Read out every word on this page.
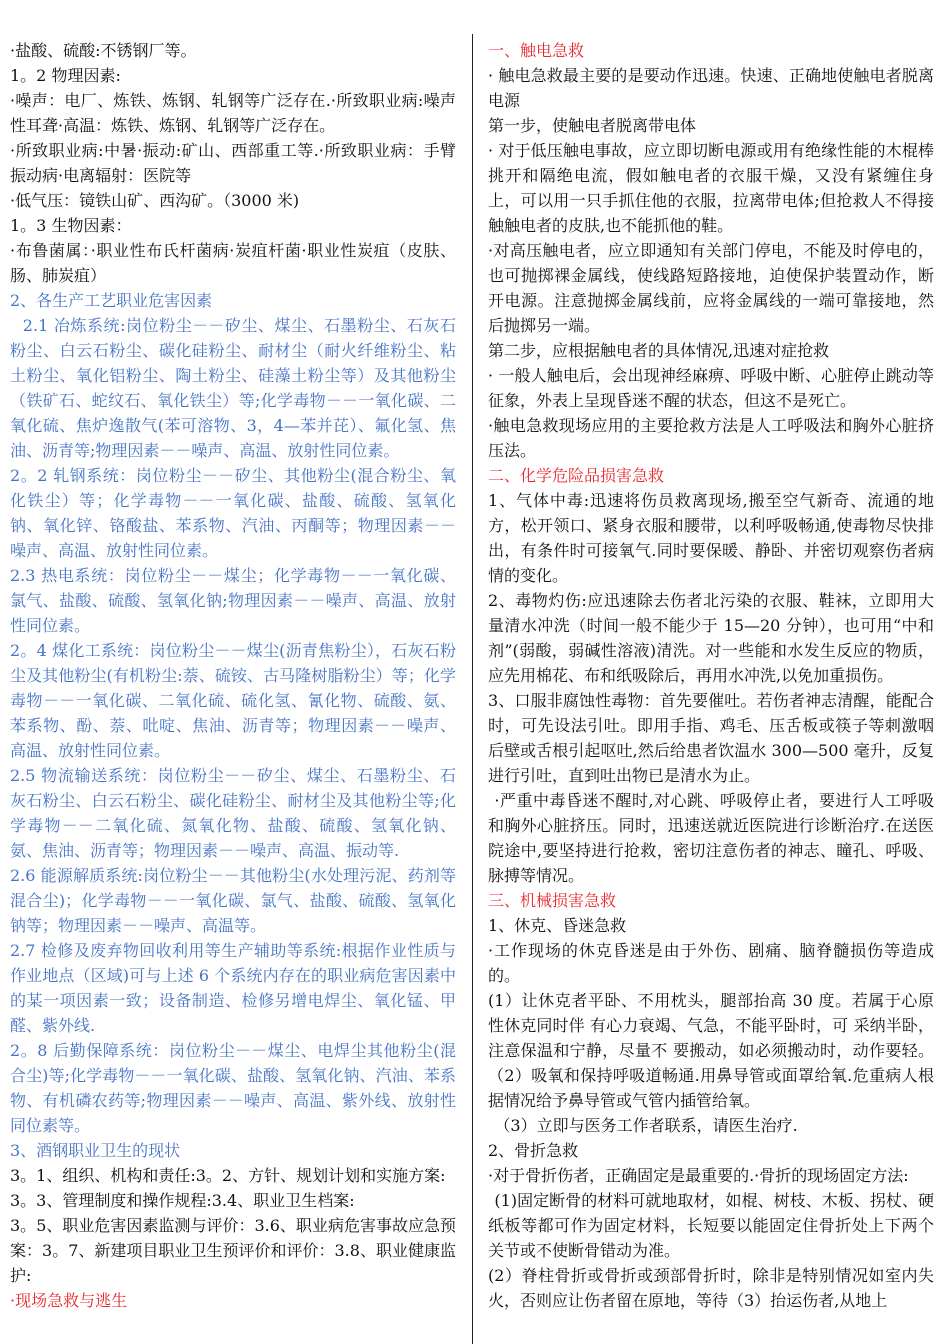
·盐酸、硫酸:不锈钢厂等。

1。2 物理因素:

·噪声：电厂、炼铁、炼钢、轧钢等广泛存在.·所致职业病:噪声性耳聋·高温：炼铁、炼钢、轧钢等广泛存在。

·所致职业病:中暑·振动:矿山、西部重工等.·所致职业病：手臂振动病·电离辐射：医院等

·低气压：镜铁山矿、西沟矿。（3000 米)

1。3 生物因素：

·布鲁菌属：·职业性布氏杆菌病·炭疽杆菌·职业性炭疽（皮肤、肠、肺炭疽）

2、各生产工艺职业危害因素

2.1 冶炼系统:岗位粉尘－－矽尘、煤尘、石墨粉尘、石灰石粉尘、白云石粉尘、碳化硅粉尘、耐材尘（耐火纤维粉尘、粘土粉尘、氧化铝粉尘、陶土粉尘、硅藻土粉尘等）及其他粉尘（铁矿石、蛇纹石、氧化铁尘）等;化学毒物－－一氧化碳、二氧化硫、焦炉逸散气(苯可溶物、3，4—苯并芘）、氟化氢、焦油、沥青等;物理因素－－噪声、高温、放射性同位素。

2。2 轧钢系统：岗位粉尘－－矽尘、其他粉尘(混合粉尘、氧化铁尘）等；化学毒物－－一氧化碳、盐酸、硫酸、氢氧化钠、氧化锌、铬酸盐、苯系物、汽油、丙酮等；物理因素－－噪声、高温、放射性同位素。

2.3 热电系统：岗位粉尘－－煤尘；化学毒物－－一氧化碳、氯气、盐酸、硫酸、氢氧化钠;物理因素－－噪声、高温、放射性同位素。

2。4 煤化工系统：岗位粉尘－－煤尘(沥青焦粉尘），石灰石粉尘及其他粉尘(有机粉尘:萘、硫铵、古马隆树脂粉尘）等；化学毒物－－一氧化碳、二氧化硫、硫化氢、氰化物、硫酸、氨、苯系物、酚、萘、吡啶、焦油、沥青等；物理因素－－噪声、高温、放射性同位素。

2.5 物流输送系统：岗位粉尘－－矽尘、煤尘、石墨粉尘、石灰石粉尘、白云石粉尘、碳化硅粉尘、耐材尘及其他粉尘等;化学毒物－－二氧化硫、氮氧化物、盐酸、硫酸、氢氧化钠、氨、焦油、沥青等；物理因素－－噪声、高温、振动等.

2.6 能源解质系统:岗位粉尘－－其他粉尘(水处理污泥、药剂等混合尘)；化学毒物－－一氧化碳、氯气、盐酸、硫酸、氢氧化钠等；物理因素－－噪声、高温等。

2.7 检修及废弃物回收利用等生产辅助等系统:根据作业性质与作业地点（区域)可与上述 6 个系统内存在的职业病危害因素中的某一项因素一致；设备制造、检修另增电焊尘、氧化锰、甲醛、紫外线.

2。8 后勤保障系统：岗位粉尘－－煤尘、电焊尘其他粉尘(混合尘)等;化学毒物－－一氧化碳、盐酸、氢氧化钠、汽油、苯系物、有机磷农药等;物理因素－－噪声、高温、紫外线、放射性同位素等。

3、酒钢职业卫生的现状

3。1、组织、机构和责任:3。2、方针、规划计划和实施方案:

3。3、管理制度和操作规程:3.4、职业卫生档案:

3。5、职业危害因素监测与评价：3.6、职业病危害事故应急预案：3。7、新建项目职业卫生预评价和评价：3.8、职业健康监护:

·现场急救与逃生

一、触电急救

· 触电急救最主要的是要动作迅速。快速、正确地使触电者脱离电源

第一步，使触电者脱离带电体

· 对于低压触电事故，应立即切断电源或用有绝缘性能的木棍棒挑开和隔绝电流，假如触电者的衣服干燥，又没有紧缠住身上，可以用一只手抓住他的衣服，拉离带电体;但抢救人不得接触触电者的皮肤,也不能抓他的鞋。

·对高压触电者，应立即通知有关部门停电，不能及时停电的，也可抛掷裸金属线，使线路短路接地，迫使保护装置动作，断开电源。注意抛掷金属线前，应将金属线的一端可靠接地，然后抛掷另一端。

第二步，应根据触电者的具体情况,迅速对症抢救

· 一般人触电后，会出现神经麻痹、呼吸中断、心脏停止跳动等征象，外表上呈现昏迷不醒的状态，但这不是死亡。

·触电急救现场应用的主要抢救方法是人工呼吸法和胸外心脏挤压法。

二、化学危险品损害急救

1、气体中毒:迅速将伤员救离现场,搬至空气新奇、流通的地方，松开领口、紧身衣服和腰带，以利呼吸畅通,使毒物尽快排出，有条件时可接氧气.同时要保暖、静卧、并密切观察伤者病情的变化。

2、毒物灼伤:应迅速除去伤者北污染的衣服、鞋袜，立即用大量清水冲洗（时间一般不能少于 15—20 分钟），也可用“中和剂”(弱酸，弱碱性溶液)清洗。对一些能和水发生反应的物质，应先用棉花、布和纸吸除后，再用水冲洗,以免加重损伤。

3、口服非腐蚀性毒物：首先要催吐。若伤者神志清醒，能配合时，可先设法引吐。即用手指、鸡毛、压舌板或筷子等刺激咽后壁或舌根引起呕吐,然后给患者饮温水 300—500 毫升，反复进行引吐，直到吐出物已是清水为止。

·严重中毒昏迷不醒时,对心跳、呼吸停止者，要进行人工呼吸和胸外心脏挤压。同时，迅速送就近医院进行诊断治疗.在送医院途中,要坚持进行抢救，密切注意伤者的神志、瞳孔、呼吸、脉搏等情况。

三、机械损害急救

1、休克、昏迷急救

·工作现场的休克昏迷是由于外伤、剧痛、脑脊髓损伤等造成的。

(1）让休克者平卧、不用枕头，腿部抬高 30 度。若属于心原性休克同时伴 有心力衰竭、气急，不能平卧时，可 采纳半卧，注意保温和宁静，尽量不 要搬动，如必须搬动时，动作要轻。（2）吸氧和保持呼吸道畅通.用鼻导管或面罩给氧.危重病人根据情况给予鼻导管或气管内插管给氧。

（3）立即与医务工作者联系，请医生治疗.

2、骨折急救

·对于骨折伤者，正确固定是最重要的.·骨折的现场固定方法:

(1)固定断骨的材料可就地取材，如棍、树枝、木板、拐杖、硬纸板等都可作为固定材料，长短要以能固定住骨折处上下两个关节或不使断骨错动为准。

(2）脊柱骨折或骨折或颈部骨折时，除非是特别情况如室内失火，否则应让伤者留在原地，等待（3）抬运伤者,从地上
